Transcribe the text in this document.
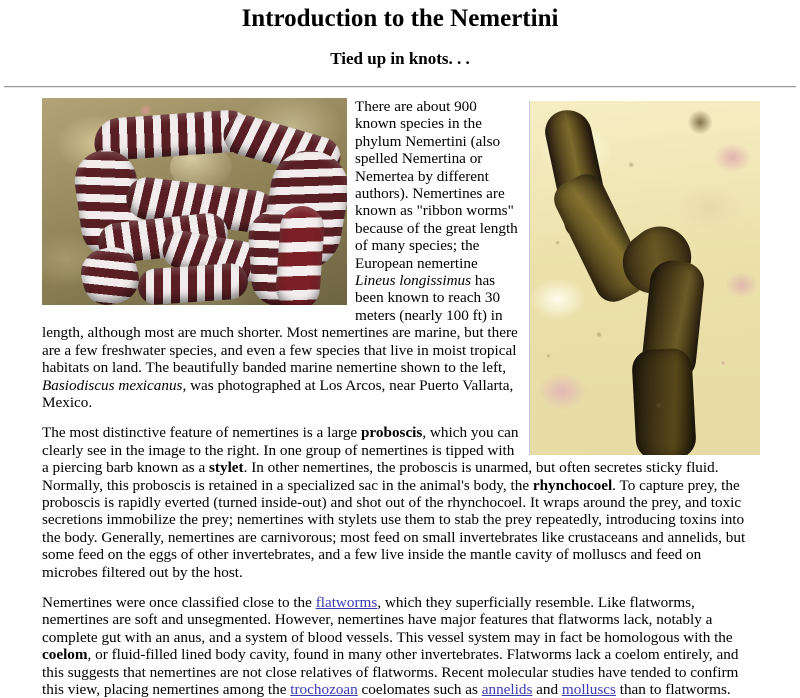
Introduction to the Nemertini
Tied up in knots. . .

There are about 900 known species in the phylum Nemertini (also spelled Nemertina or Nemertea by different authors). Nemertines are known as "ribbon worms" because of the great length of many species; the European nemertine Lineus longissimus has been known to reach 30 meters (nearly 100 ft) in length, although most are much shorter. Most nemertines are marine, but there are a few freshwater species, and even a few species that live in moist tropical habitats on land. The beautifully banded marine nemertine shown to the left, Basiodiscus mexicanus, was photographed at Los Arcos, near Puerto Vallarta, Mexico.

The most distinctive feature of nemertines is a large proboscis, which you can clearly see in the image to the right. In one group of nemertines is tipped with a piercing barb known as a stylet. In other nemertines, the proboscis is unarmed, but often secretes sticky fluid. Normally, this proboscis is retained in a specialized sac in the animal's body, the rhynchocoel. To capture prey, the proboscis is rapidly everted (turned inside-out) and shot out of the rhynchocoel. It wraps around the prey, and toxic secretions immobilize the prey; nemertines with stylets use them to stab the prey repeatedly, introducing toxins into the body. Generally, nemertines are carnivorous; most feed on small invertebrates like crustaceans and annelids, but some feed on the eggs of other invertebrates, and a few live inside the mantle cavity of molluscs and feed on microbes filtered out by the host.

Nemertines were once classified close to the flatworms, which they superficially resemble. Like flatworms, nemertines are soft and unsegmented. However, nemertines have major features that flatworms lack, notably a complete gut with an anus, and a system of blood vessels. This vessel system may in fact be homologous with the coelom, or fluid-filled lined body cavity, found in many other invertebrates. Flatworms lack a coelom entirely, and this suggests that nemertines are not close relatives of flatworms. Recent molecular studies have tended to confirm this view, placing nemertines among the trochozoan coelomates such as annelids and molluscs than to flatworms.
